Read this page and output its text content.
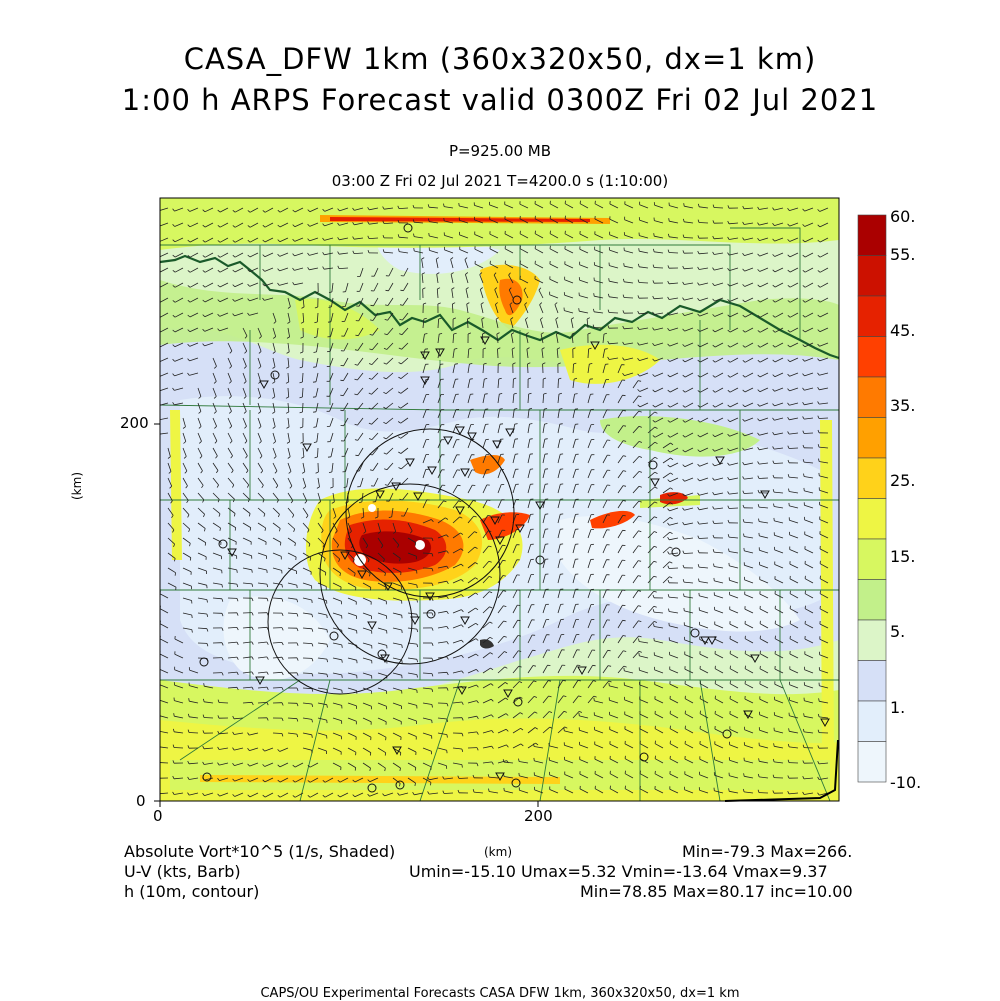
CASA_DFW 1km (360x320x50, dx=1 km)
1:00 h ARPS Forecast valid 0300Z Fri 02 Jul 2021
P=925.00 MB
03:00 Z Fri 02 Jul 2021 T=4200.0 s (1:10:00)
0	200
0
200
(km)
(km)
60.
55.
45.
35.
25.
15.
5.
1.
-10.
Absolute Vort*10^5 (1/s, Shaded)	Min=-79.3 Max=266.
U-V (kts, Barb)	Umin=-15.10 Umax=5.32 Vmin=-13.64 Vmax=9.37
h (10m, contour)	Min=78.85 Max=80.17 inc=10.00
CAPS/OU Experimental Forecasts CASA DFW 1km, 360x320x50, dx=1 km
